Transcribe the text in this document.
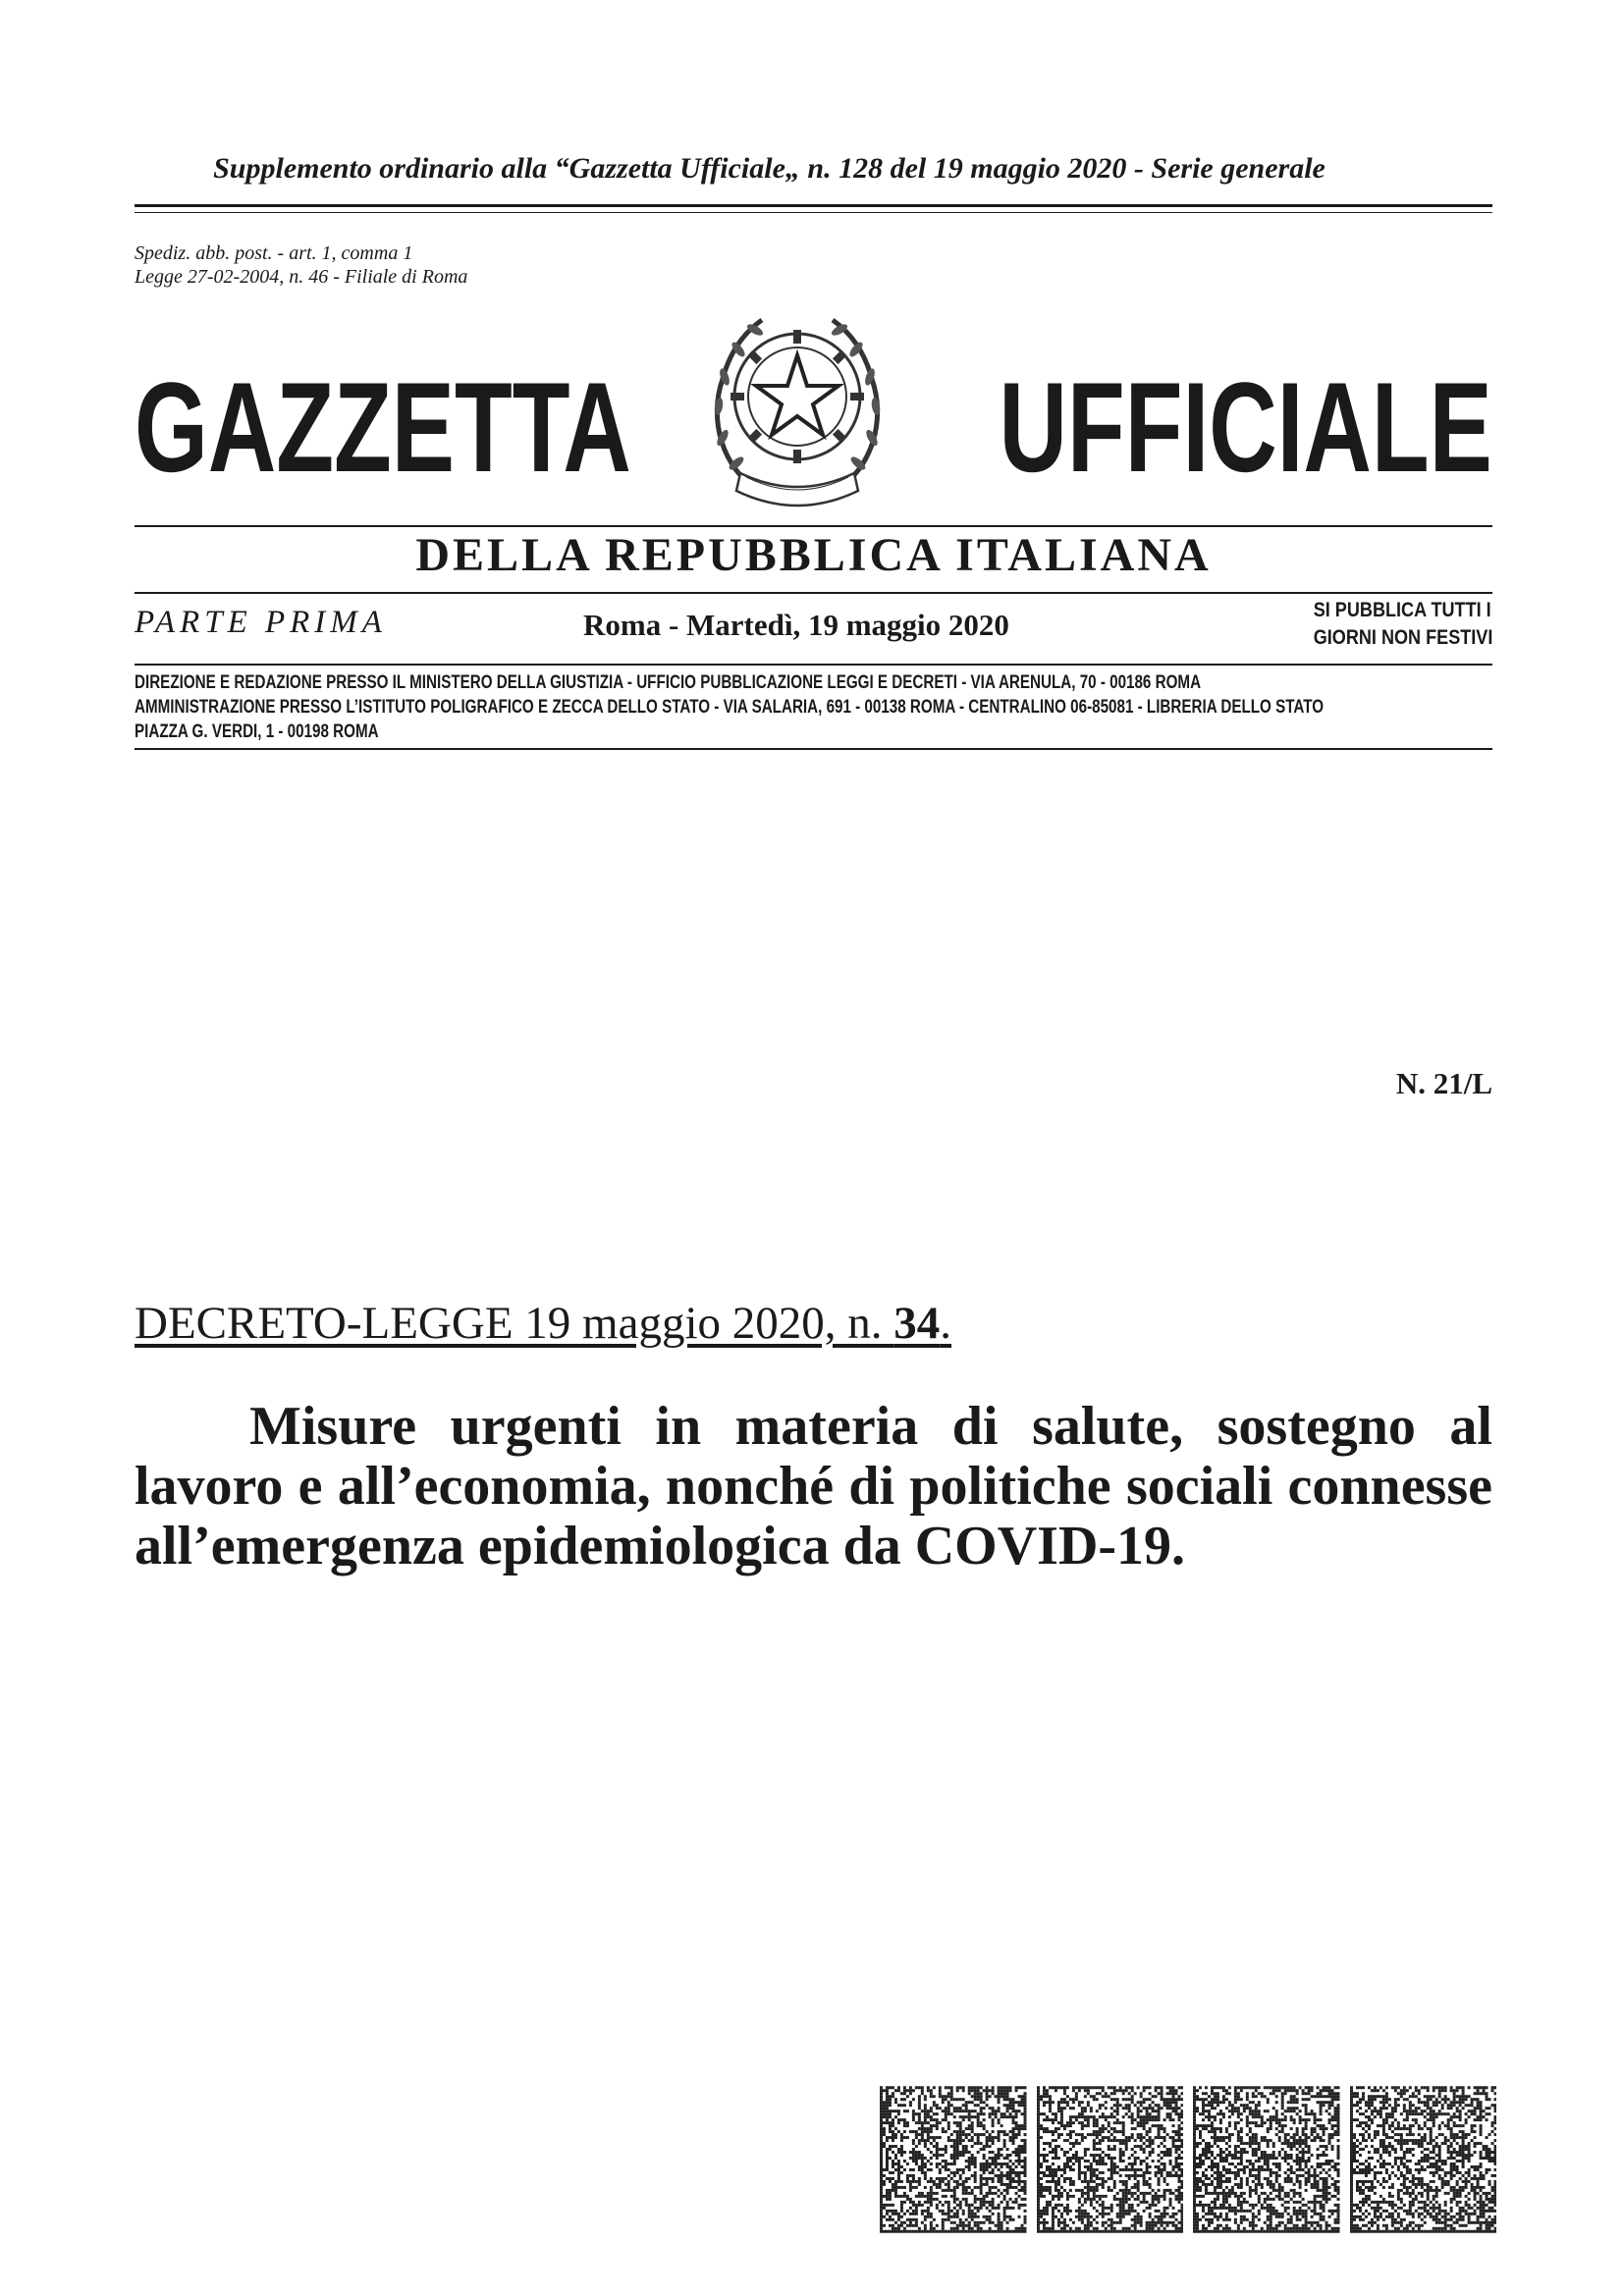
Supplemento ordinario alla “Gazzetta Ufficiale„ n. 128 del 19 maggio 2020 - Serie generale
Spediz. abb. post. - art. 1, comma 1
Legge 27-02-2004, n. 46 - Filiale di Roma
GAZZETTA	UFFICIALE
DELLA REPUBBLICA ITALIANA
PARTE PRIMA	Roma - Martedì, 19 maggio 2020	SI PUBBLICA TUTTI I
GIORNI NON FESTIVI
DIREZIONE E REDAZIONE PRESSO IL MINISTERO DELLA GIUSTIZIA - UFFICIO PUBBLICAZIONE LEGGI E DECRETI - VIA ARENULA, 70 - 00186 ROMA
AMMINISTRAZIONE PRESSO L’ISTITUTO POLIGRAFICO E ZECCA DELLO STATO - VIA SALARIA, 691 - 00138 ROMA - CENTRALINO 06-85081 - LIBRERIA DELLO STATO
PIAZZA G. VERDI, 1 - 00198 ROMA
N. 21/L
DECRETO-LEGGE 19 maggio 2020, n. 34.
Misure urgenti in materia di salute, sostegno al lavoro e all’economia, nonché di politiche sociali connesse all’emergenza epidemiologica da COVID-19.
